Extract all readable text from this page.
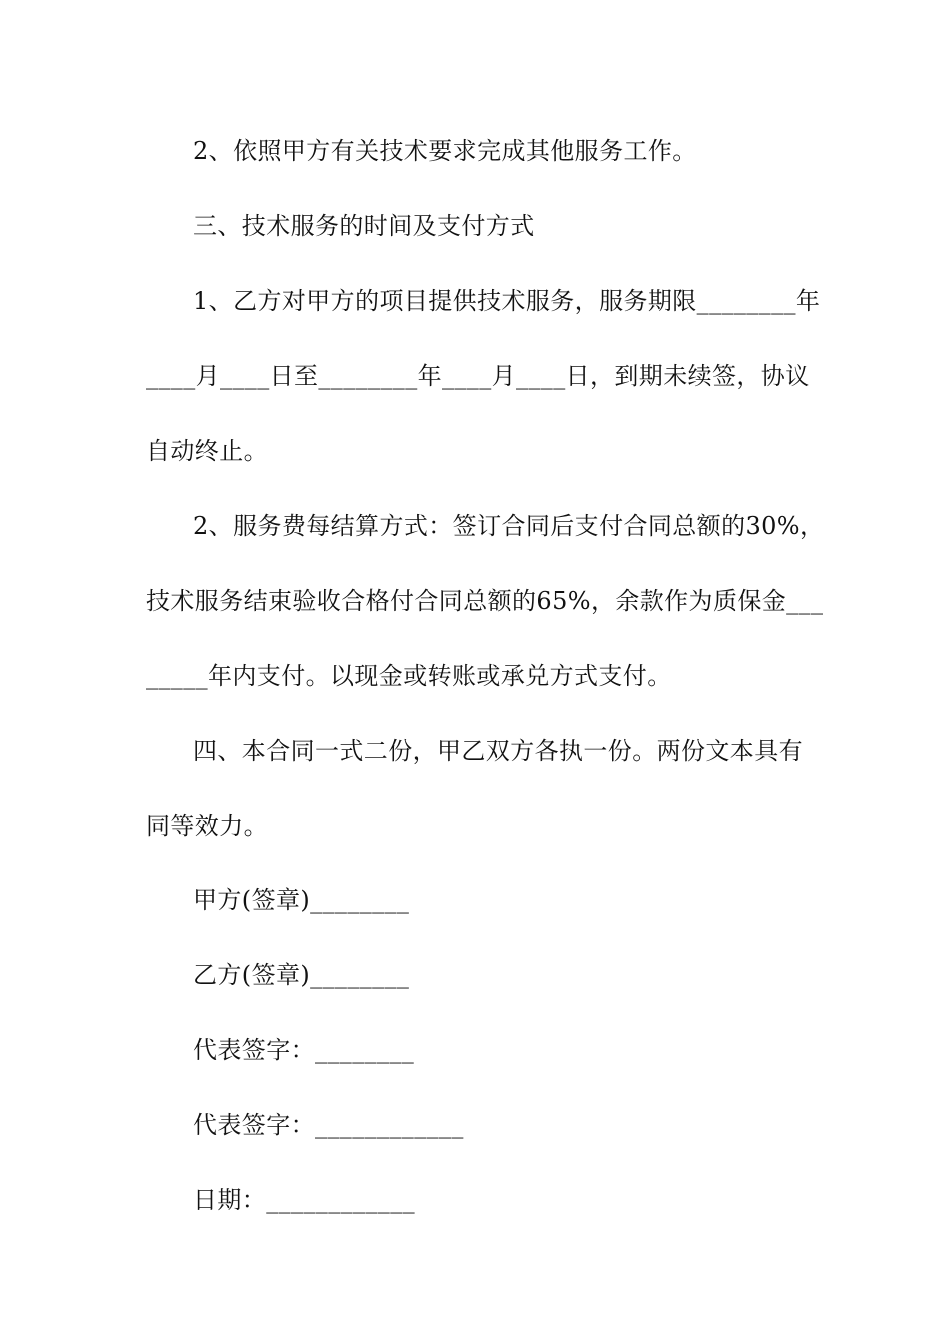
2、依照甲方有关技术要求完成其他服务工作。
三、技术服务的时间及支付方式
1、乙方对甲方的项目提供技术服务，服务期限________年
____月____日至________年____月____日，到期未续签，协议
自动终止。
2、服务费每结算方式：签订合同后支付合同总额的30%，
技术服务结束验收合格付合同总额的65%，余款作为质保金___
_____年内支付。以现金或转账或承兑方式支付。
四、本合同一式二份，甲乙双方各执一份。两份文本具有
同等效力。
甲方(签章)________
乙方(签章)________
代表签字：________
代表签字：____________
日期：____________
